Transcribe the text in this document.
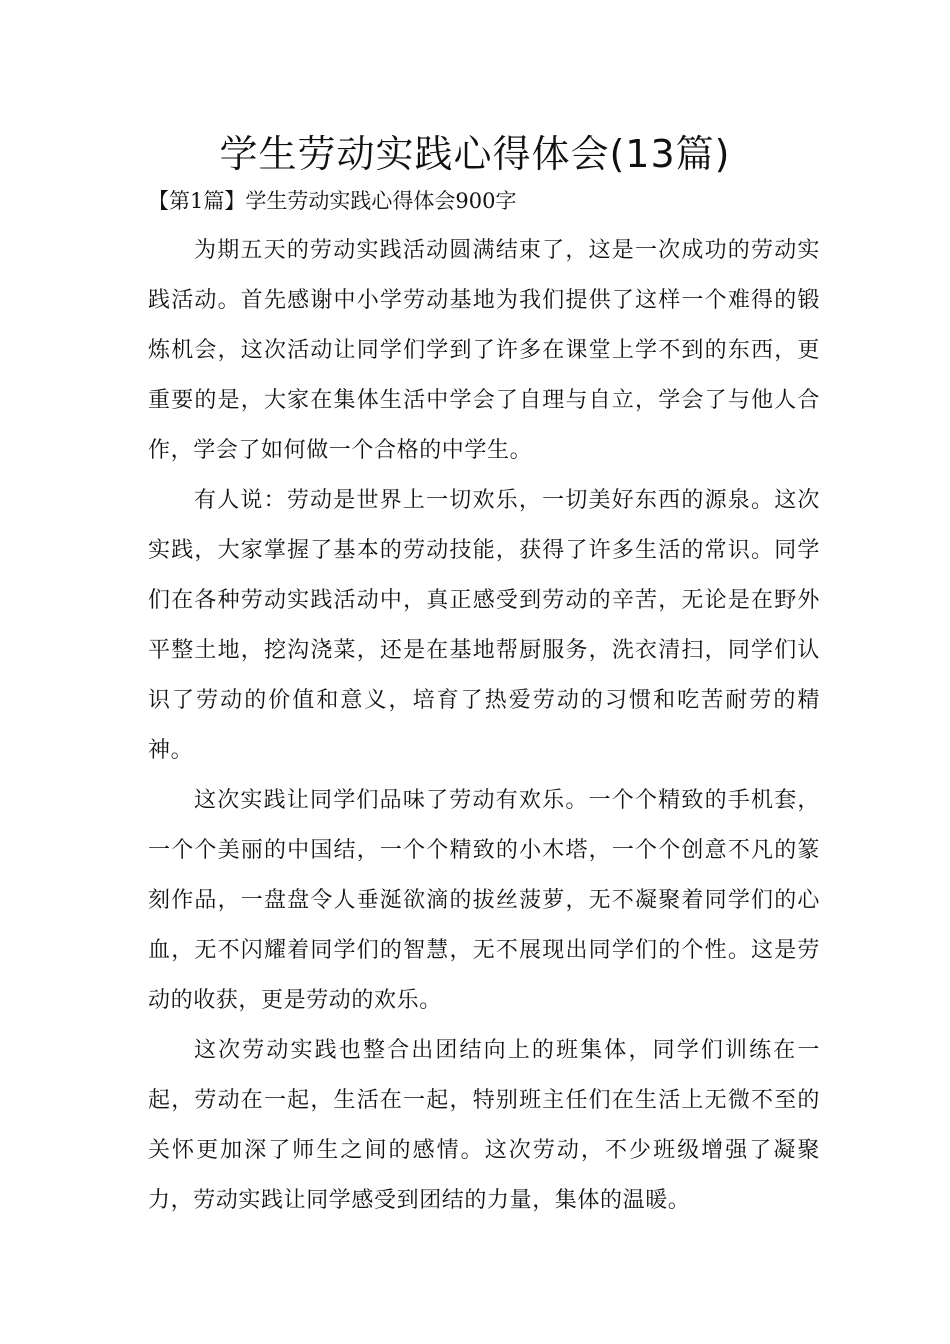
学生劳动实践心得体会(13篇)
【第1篇】学生劳动实践心得体会900字

为期五天的劳动实践活动圆满结束了，这是一次成功的劳动实践活动。首先感谢中小学劳动基地为我们提供了这样一个难得的锻炼机会，这次活动让同学们学到了许多在课堂上学不到的东西，更重要的是，大家在集体生活中学会了自理与自立，学会了与他人合作，学会了如何做一个合格的中学生。

有人说：劳动是世界上一切欢乐，一切美好东西的源泉。这次实践，大家掌握了基本的劳动技能，获得了许多生活的常识。同学们在各种劳动实践活动中，真正感受到劳动的辛苦，无论是在野外平整土地，挖沟浇菜，还是在基地帮厨服务，洗衣清扫，同学们认识了劳动的价值和意义，培育了热爱劳动的习惯和吃苦耐劳的精神。

这次实践让同学们品味了劳动有欢乐。一个个精致的手机套，一个个美丽的中国结，一个个精致的小木塔，一个个创意不凡的篆刻作品，一盘盘令人垂涎欲滴的拔丝菠萝，无不凝聚着同学们的心血，无不闪耀着同学们的智慧，无不展现出同学们的个性。这是劳动的收获，更是劳动的欢乐。

这次劳动实践也整合出团结向上的班集体，同学们训练在一起，劳动在一起，生活在一起，特别班主任们在生活上无微不至的关怀更加深了师生之间的感情。这次劳动，不少班级增强了凝聚力，劳动实践让同学感受到团结的力量，集体的温暖。
